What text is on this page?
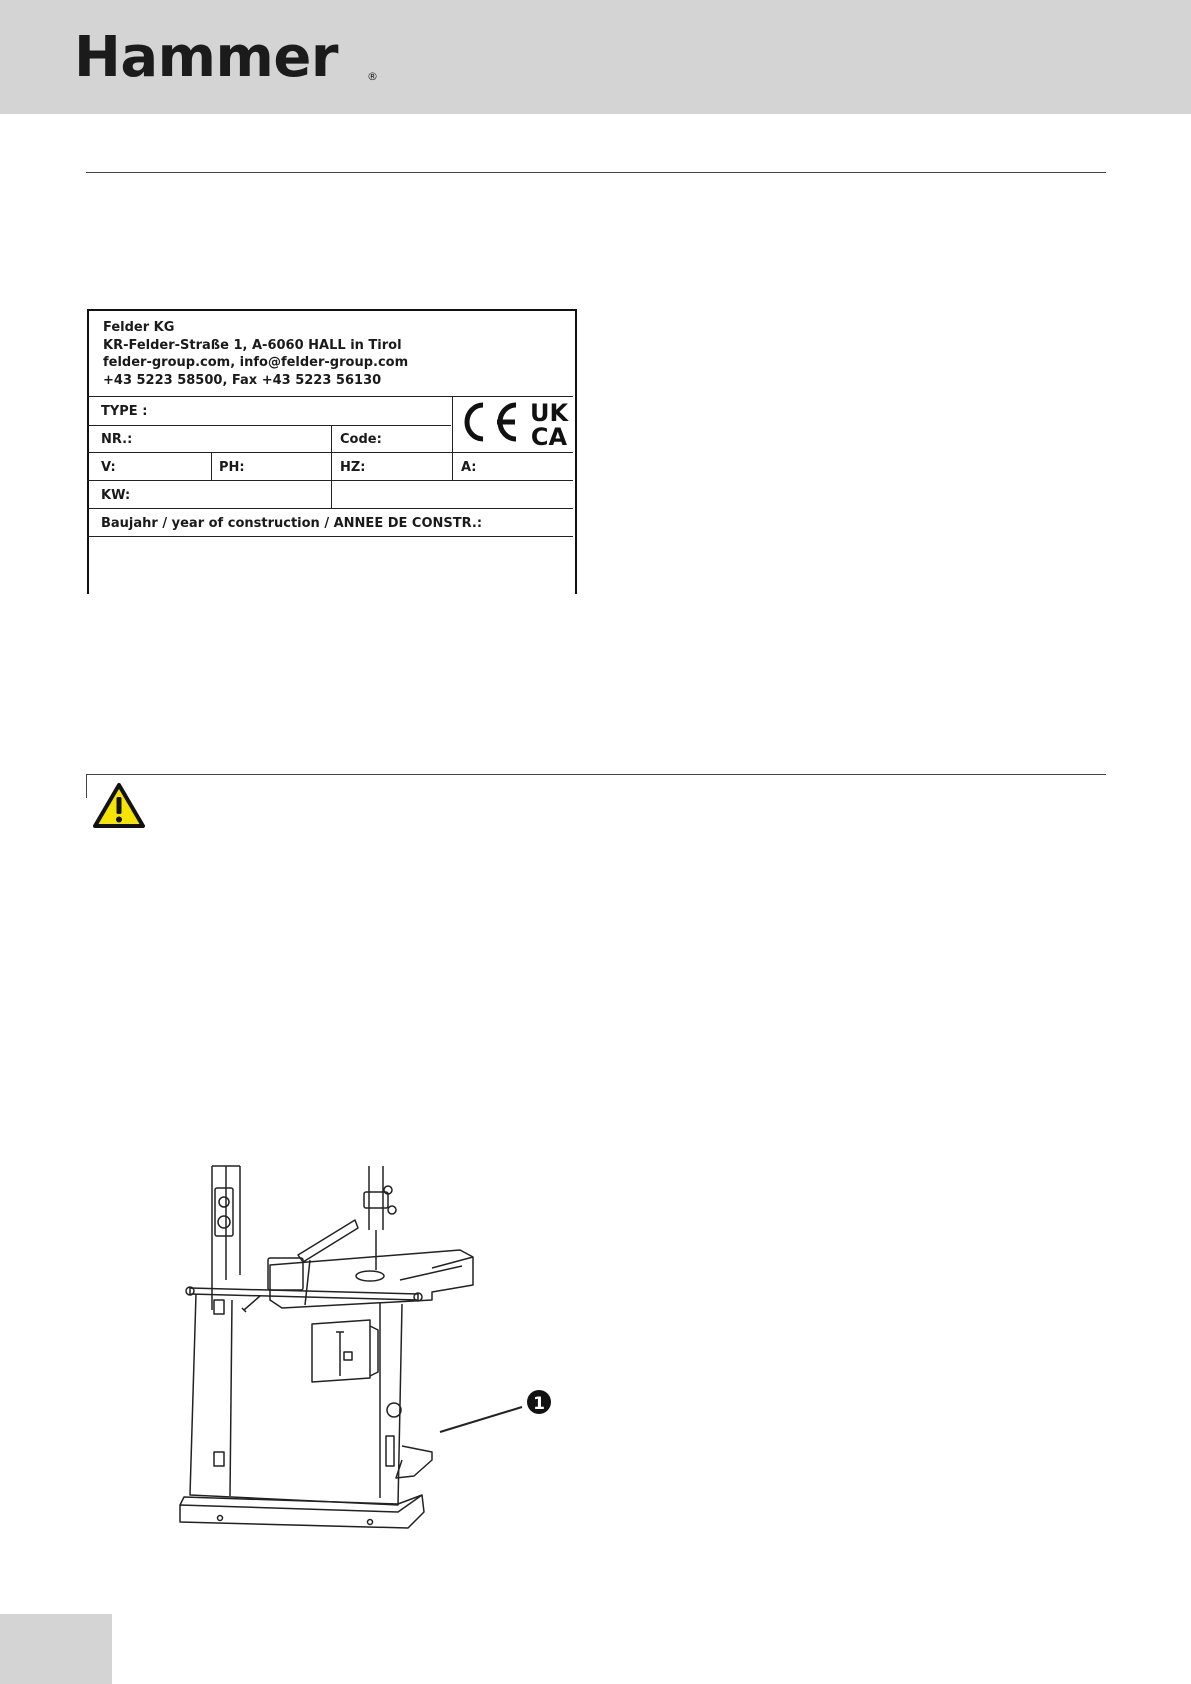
Hammer	®
Felder KG
KR-Felder-Straße 1, A-6060 HALL in Tirol
felder-group.com, info@felder-group.com
+43 5223 58500, Fax +43 5223 56130
TYPE :
NR.:	Code:
V:	PH:	HZ:	A:
KW:
Baujahr / year of construction / ANNEE DE CONSTR.:
UK
CA
1
